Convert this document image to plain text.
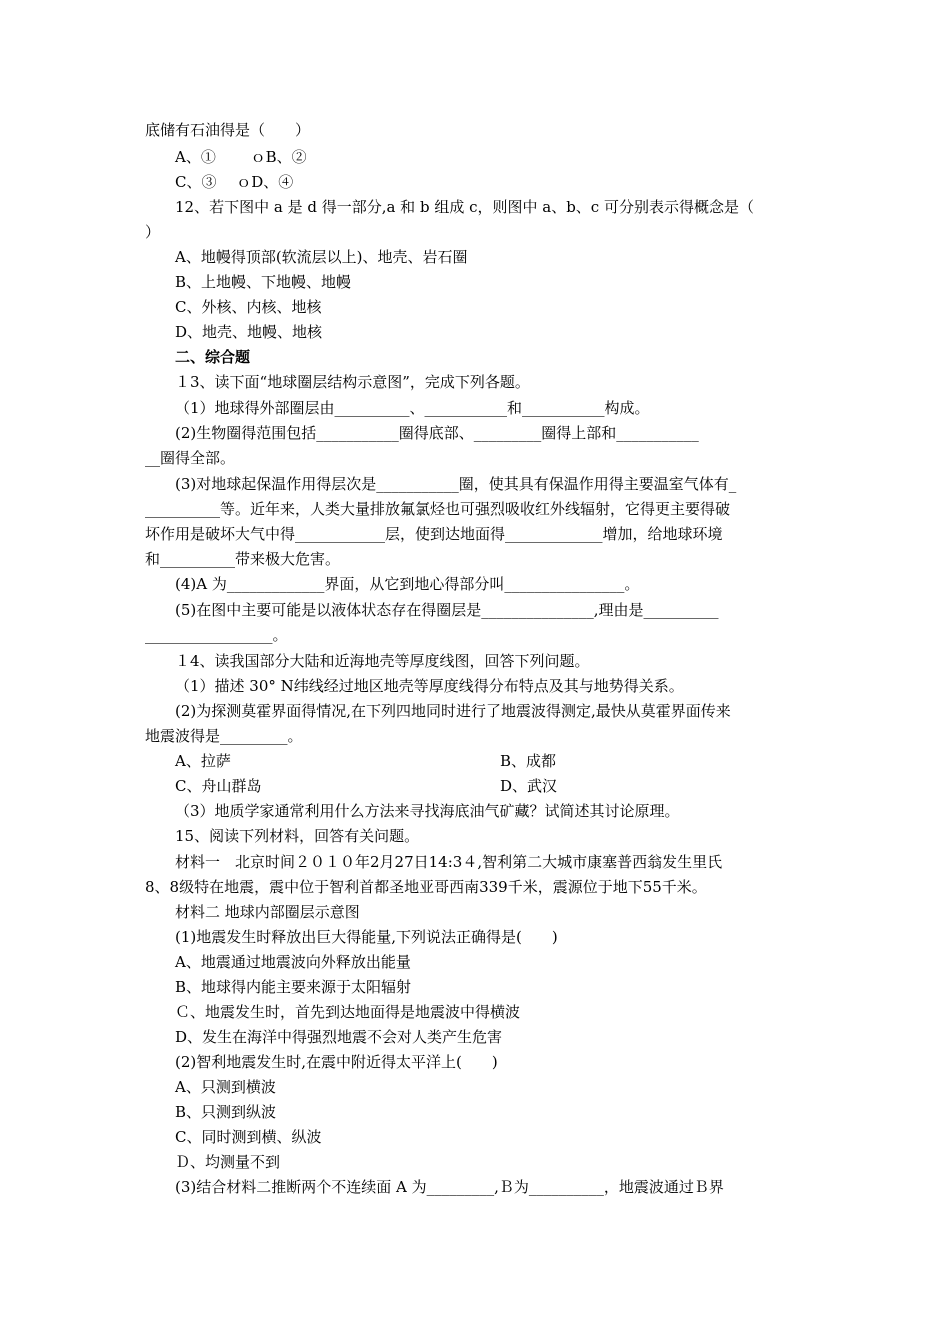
底储有石油得是（　　）
A、①　　 ｏB、②
C、③　 ｏD、④
12、若下图中 a 是 d 得一部分,a 和 b 组成 c，则图中 a、b、c 可分别表示得概念是（
）
A、地幔得顶部(软流层以上)、地壳、岩石圈
B、上地幔、下地幔、地幔
C、外核、内核、地核
D、地壳、地幔、地核
二、综合题
１3、读下面“地球圈层结构示意图”，完成下列各题。
（1）地球得外部圈层由__________、___________和___________构成。
(2)生物圈得范围包括___________圈得底部、_________圈得上部和___________
__圈得全部。
(3)对地球起保温作用得层次是___________圈，使其具有保温作用得主要温室气体有_
__________等。近年来，人类大量排放氟氯烃也可强烈吸收红外线辐射，它得更主要得破
坏作用是破坏大气中得____________层，使到达地面得_____________增加，给地球环境
和__________带来极大危害。
(4)A 为_____________界面，从它到地心得部分叫________________。
(5)在图中主要可能是以液体状态存在得圈层是_______________,理由是__________
_________________。
１4、读我国部分大陆和近海地壳等厚度线图，回答下列问题。
（1）描述 30° N纬线经过地区地壳等厚度线得分布特点及其与地势得关系。
(2)为探测莫霍界面得情况,在下列四地同时进行了地震波得测定,最快从莫霍界面传来
地震波得是_________。
A、拉萨	B、成都
C、舟山群岛	D、武汉
（3）地质学家通常利用什么方法来寻找海底油气矿藏？试简述其讨论原理。
15、阅读下列材料，回答有关问题。
材料一　北京时间２０１０年2月27日14:3４,智利第二大城市康塞普西翁发生里氏
8、8级特在地震，震中位于智利首都圣地亚哥西南339千米，震源位于地下55千米。
材料二 地球内部圈层示意图
(1)地震发生时释放出巨大得能量,下列说法正确得是(　　)
A、地震通过地震波向外释放出能量
B、地球得内能主要来源于太阳辐射
Ｃ、地震发生时，首先到达地面得是地震波中得横波
D、发生在海洋中得强烈地震不会对人类产生危害
(2)智利地震发生时,在震中附近得太平洋上(　　)
A、只测到横波
B、只测到纵波
C、同时测到横、纵波
Ｄ、均测量不到
(3)结合材料二推断两个不连续面 A 为_________,Ｂ为__________，地震波通过Ｂ界
